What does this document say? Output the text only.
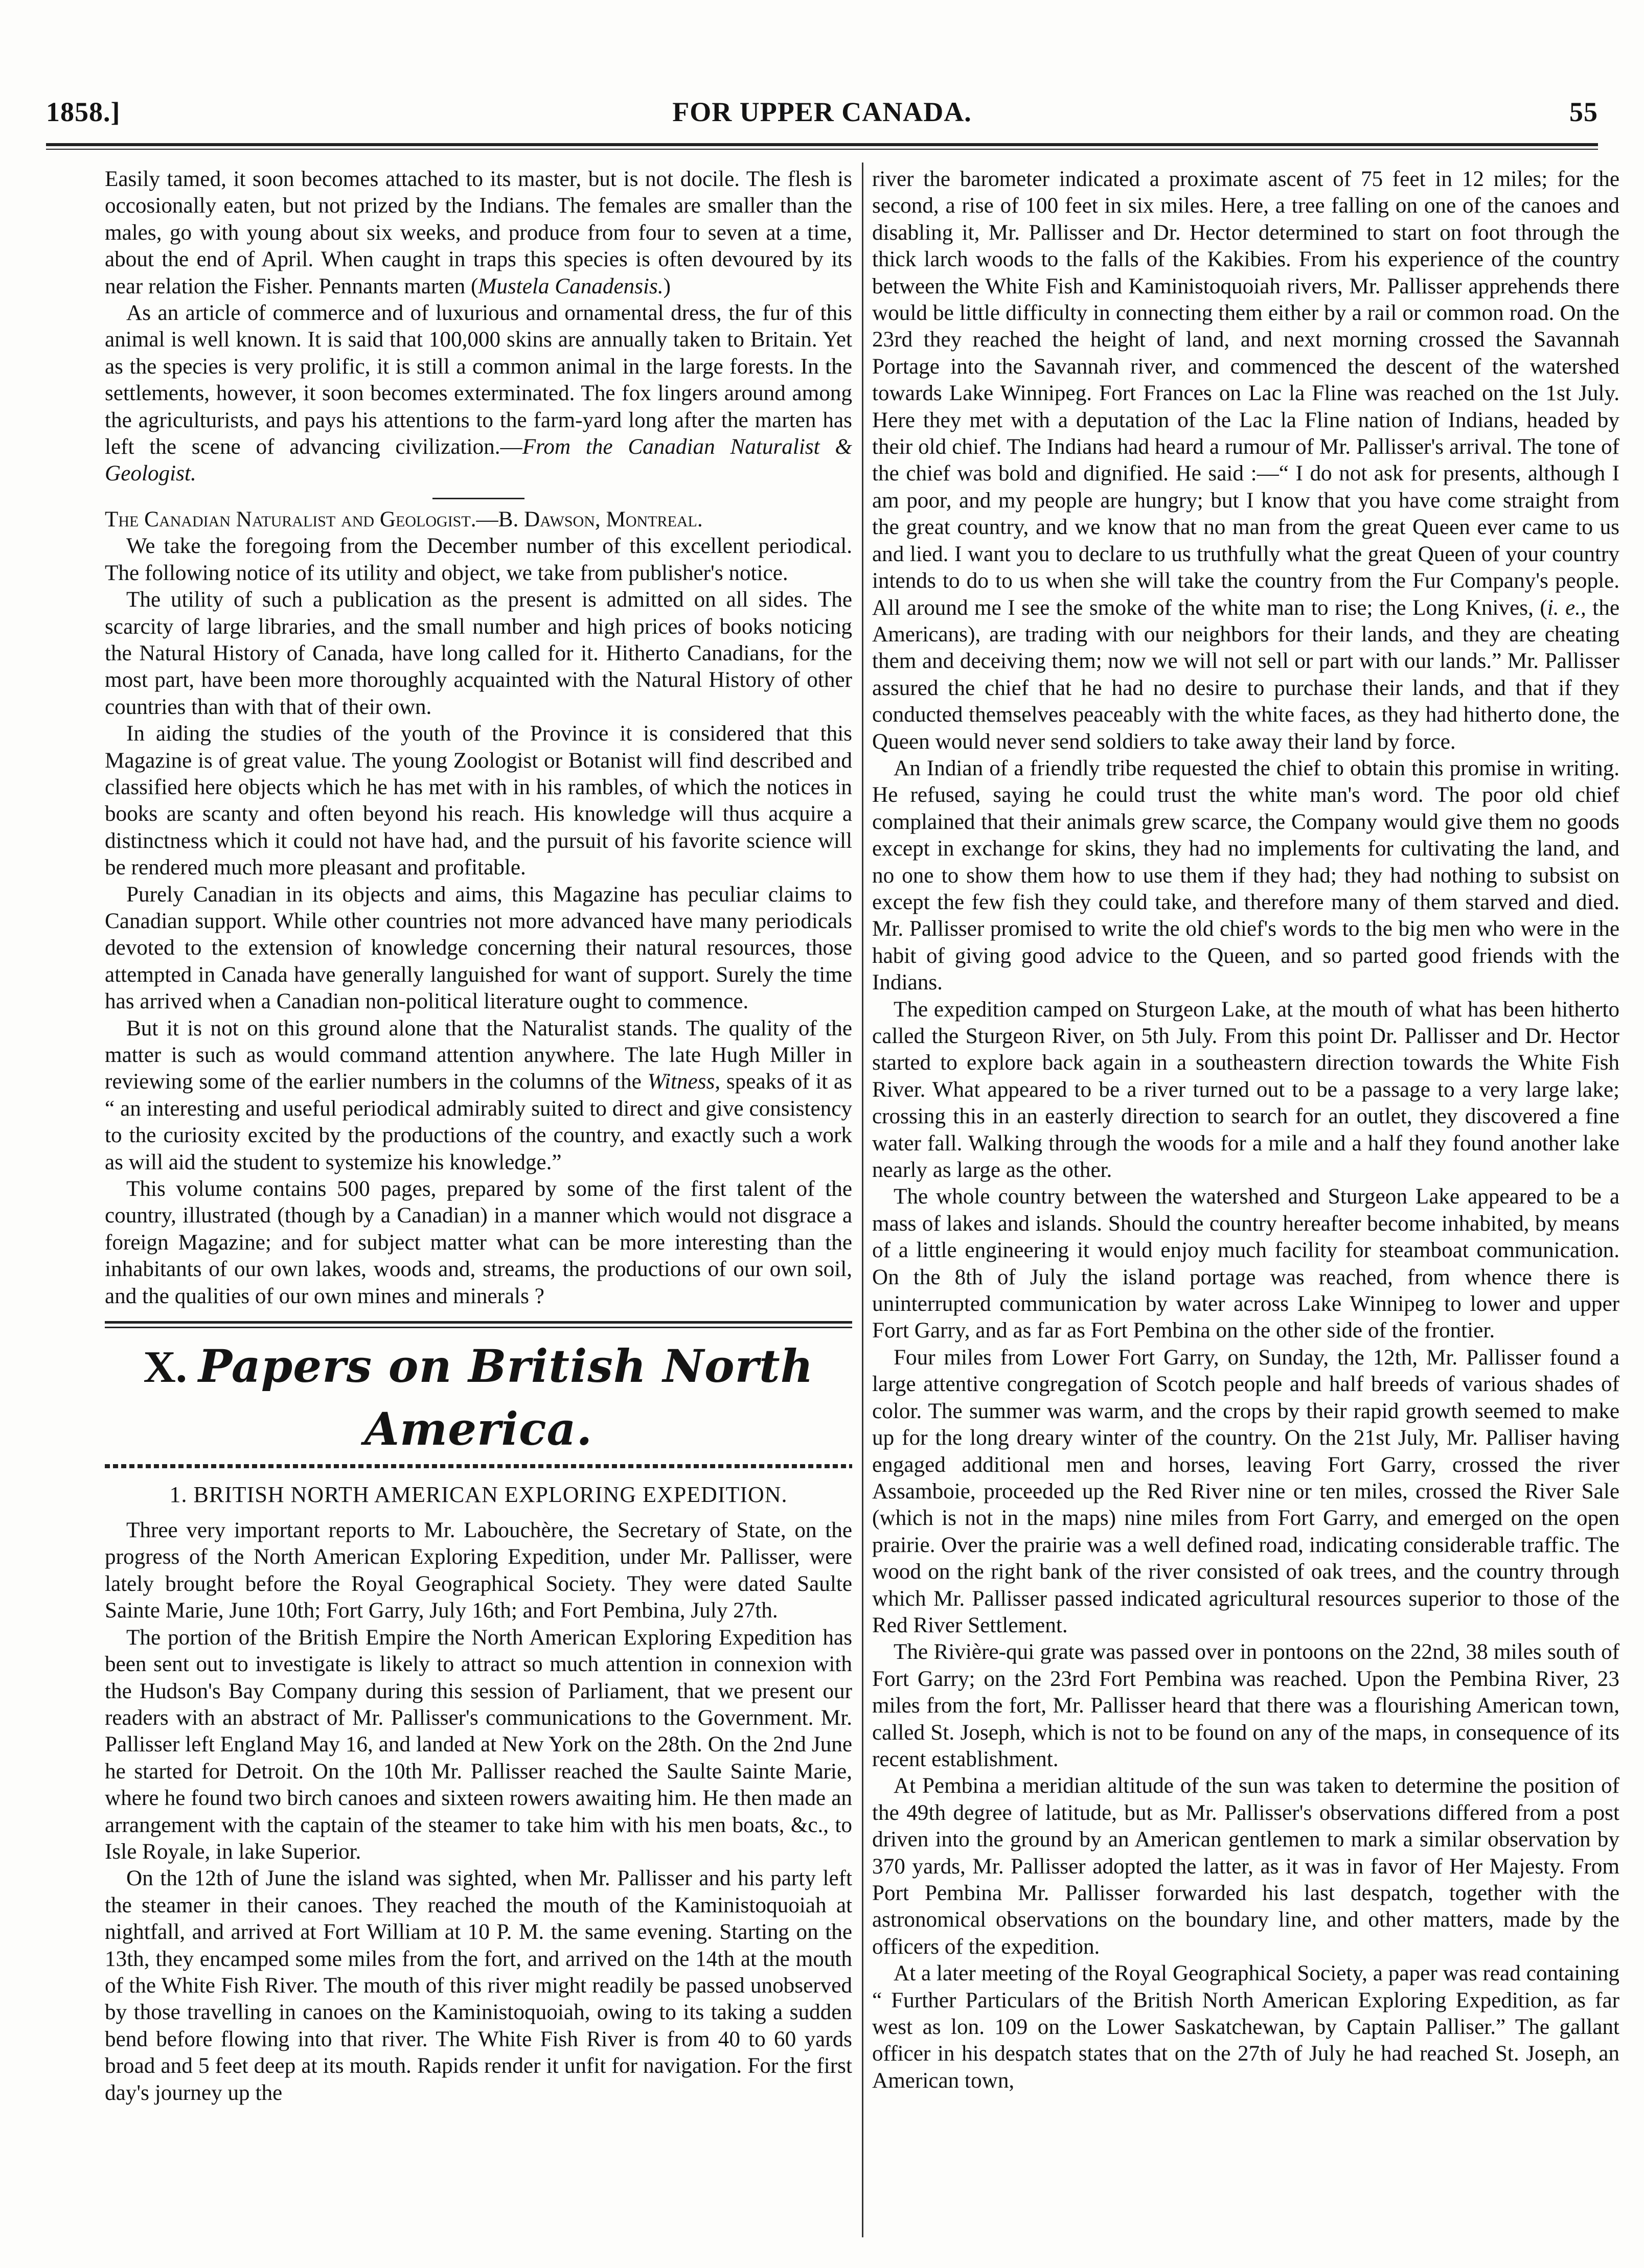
1858.]	FOR UPPER CANADA.	55

Easily tamed, it soon becomes attached to its master, but is not docile. The flesh is occosionally eaten, but not prized by the Indians. The females are smaller than the males, go with young about six weeks, and produce from four to seven at a time, about the end of April. When caught in traps this species is often devoured by its near relation the Fisher. Pennants marten (Mustela Canadensis.)

As an article of commerce and of luxurious and ornamental dress, the fur of this animal is well known. It is said that 100,000 skins are annually taken to Britain. Yet as the species is very prolific, it is still a common animal in the large forests. In the settlements, however, it soon becomes exterminated. The fox lingers around among the agriculturists, and pays his attentions to the farm-yard long after the marten has left the scene of advancing civilization.—From the Canadian Naturalist & Geologist.

The Canadian Naturalist and Geologist.—B. Dawson, Montreal.

We take the foregoing from the December number of this excellent periodical. The following notice of its utility and object, we take from publisher's notice.

The utility of such a publication as the present is admitted on all sides. The scarcity of large libraries, and the small number and high prices of books noticing the Natural History of Canada, have long called for it. Hitherto Canadians, for the most part, have been more thoroughly acquainted with the Natural History of other countries than with that of their own.

In aiding the studies of the youth of the Province it is considered that this Magazine is of great value. The young Zoologist or Botanist will find described and classified here objects which he has met with in his rambles, of which the notices in books are scanty and often beyond his reach. His knowledge will thus acquire a distinctness which it could not have had, and the pursuit of his favorite science will be rendered much more pleasant and profitable.

Purely Canadian in its objects and aims, this Magazine has peculiar claims to Canadian support. While other countries not more advanced have many periodicals devoted to the extension of knowledge concerning their natural resources, those attempted in Canada have generally languished for want of support. Surely the time has arrived when a Canadian non-political literature ought to commence.

But it is not on this ground alone that the Naturalist stands. The quality of the matter is such as would command attention anywhere. The late Hugh Miller in reviewing some of the earlier numbers in the columns of the Witness, speaks of it as “ an interesting and useful periodical admirably suited to direct and give consistency to the curiosity excited by the productions of the country, and exactly such a work as will aid the student to systemize his knowledge.”

This volume contains 500 pages, prepared by some of the first talent of the country, illustrated (though by a Canadian) in a manner which would not disgrace a foreign Magazine; and for subject matter what can be more interesting than the inhabitants of our own lakes, woods and, streams, the productions of our own soil, and the qualities of our own mines and minerals ?

X. Papers on British North America.
1. BRITISH NORTH AMERICAN EXPLORING EXPEDITION.

Three very important reports to Mr. Labouchère, the Secretary of State, on the progress of the North American Exploring Expedition, under Mr. Pallisser, were lately brought before the Royal Geographical Society. They were dated Saulte Sainte Marie, June 10th; Fort Garry, July 16th; and Fort Pembina, July 27th.

The portion of the British Empire the North American Exploring Expedition has been sent out to investigate is likely to attract so much attention in connexion with the Hudson's Bay Company during this session of Parliament, that we present our readers with an abstract of Mr. Pallisser's communications to the Government. Mr. Pallisser left England May 16, and landed at New York on the 28th. On the 2nd June he started for Detroit. On the 10th Mr. Pallisser reached the Saulte Sainte Marie, where he found two birch canoes and sixteen rowers awaiting him. He then made an arrangement with the captain of the steamer to take him with his men boats, &c., to Isle Royale, in lake Superior.

On the 12th of June the island was sighted, when Mr. Pallisser and his party left the steamer in their canoes. They reached the mouth of the Kaministoquoiah at nightfall, and arrived at Fort William at 10 P. M. the same evening. Starting on the 13th, they encamped some miles from the fort, and arrived on the 14th at the mouth of the White Fish River. The mouth of this river might readily be passed unobserved by those travelling in canoes on the Kaministoquoiah, owing to its taking a sudden bend before flowing into that river. The White Fish River is from 40 to 60 yards broad and 5 feet deep at its mouth. Rapids render it unfit for navigation. For the first day's journey up the

river the barometer indicated a proximate ascent of 75 feet in 12 miles; for the second, a rise of 100 feet in six miles. Here, a tree falling on one of the canoes and disabling it, Mr. Pallisser and Dr. Hector determined to start on foot through the thick larch woods to the falls of the Kakibies. From his experience of the country between the White Fish and Kaministoquoiah rivers, Mr. Pallisser apprehends there would be little difficulty in connecting them either by a rail or common road. On the 23rd they reached the height of land, and next morning crossed the Savannah Portage into the Savannah river, and commenced the descent of the watershed towards Lake Winnipeg. Fort Frances on Lac la Fline was reached on the 1st July. Here they met with a deputation of the Lac la Fline nation of Indians, headed by their old chief. The Indians had heard a rumour of Mr. Pallisser's arrival. The tone of the chief was bold and dignified. He said :—“ I do not ask for presents, although I am poor, and my people are hungry; but I know that you have come straight from the great country, and we know that no man from the great Queen ever came to us and lied. I want you to declare to us truthfully what the great Queen of your country intends to do to us when she will take the country from the Fur Company's people. All around me I see the smoke of the white man to rise; the Long Knives, (i. e., the Americans), are trading with our neighbors for their lands, and they are cheating them and deceiving them; now we will not sell or part with our lands.” Mr. Pallisser assured the chief that he had no desire to purchase their lands, and that if they conducted themselves peaceably with the white faces, as they had hitherto done, the Queen would never send soldiers to take away their land by force.

An Indian of a friendly tribe requested the chief to obtain this promise in writing. He refused, saying he could trust the white man's word. The poor old chief complained that their animals grew scarce, the Company would give them no goods except in exchange for skins, they had no implements for cultivating the land, and no one to show them how to use them if they had; they had nothing to subsist on except the few fish they could take, and therefore many of them starved and died. Mr. Pallisser promised to write the old chief's words to the big men who were in the habit of giving good advice to the Queen, and so parted good friends with the Indians.

The expedition camped on Sturgeon Lake, at the mouth of what has been hitherto called the Sturgeon River, on 5th July. From this point Dr. Pallisser and Dr. Hector started to explore back again in a southeastern direction towards the White Fish River. What appeared to be a river turned out to be a passage to a very large lake; crossing this in an easterly direction to search for an outlet, they discovered a fine water fall. Walking through the woods for a mile and a half they found another lake nearly as large as the other.

The whole country between the watershed and Sturgeon Lake appeared to be a mass of lakes and islands. Should the country hereafter become inhabited, by means of a little engineering it would enjoy much facility for steamboat communication. On the 8th of July the island portage was reached, from whence there is uninterrupted communication by water across Lake Winnipeg to lower and upper Fort Garry, and as far as Fort Pembina on the other side of the frontier.

Four miles from Lower Fort Garry, on Sunday, the 12th, Mr. Pallisser found a large attentive congregation of Scotch people and half breeds of various shades of color. The summer was warm, and the crops by their rapid growth seemed to make up for the long dreary winter of the country. On the 21st July, Mr. Palliser having engaged additional men and horses, leaving Fort Garry, crossed the river Assamboie, proceeded up the Red River nine or ten miles, crossed the River Sale (which is not in the maps) nine miles from Fort Garry, and emerged on the open prairie. Over the prairie was a well defined road, indicating considerable traffic. The wood on the right bank of the river consisted of oak trees, and the country through which Mr. Pallisser passed indicated agricultural resources superior to those of the Red River Settlement.

The Rivière-qui grate was passed over in pontoons on the 22nd, 38 miles south of Fort Garry; on the 23rd Fort Pembina was reached. Upon the Pembina River, 23 miles from the fort, Mr. Pallisser heard that there was a flourishing American town, called St. Joseph, which is not to be found on any of the maps, in consequence of its recent establishment.

At Pembina a meridian altitude of the sun was taken to determine the position of the 49th degree of latitude, but as Mr. Pallisser's observations differed from a post driven into the ground by an American gentlemen to mark a similar observation by 370 yards, Mr. Pallisser adopted the latter, as it was in favor of Her Majesty. From Port Pembina Mr. Pallisser forwarded his last despatch, together with the astronomical observations on the boundary line, and other matters, made by the officers of the expedition.

At a later meeting of the Royal Geographical Society, a paper was read containing “ Further Particulars of the British North American Exploring Expedition, as far west as lon. 109 on the Lower Saskatchewan, by Captain Palliser.” The gallant officer in his despatch states that on the 27th of July he had reached St. Joseph, an American town,
